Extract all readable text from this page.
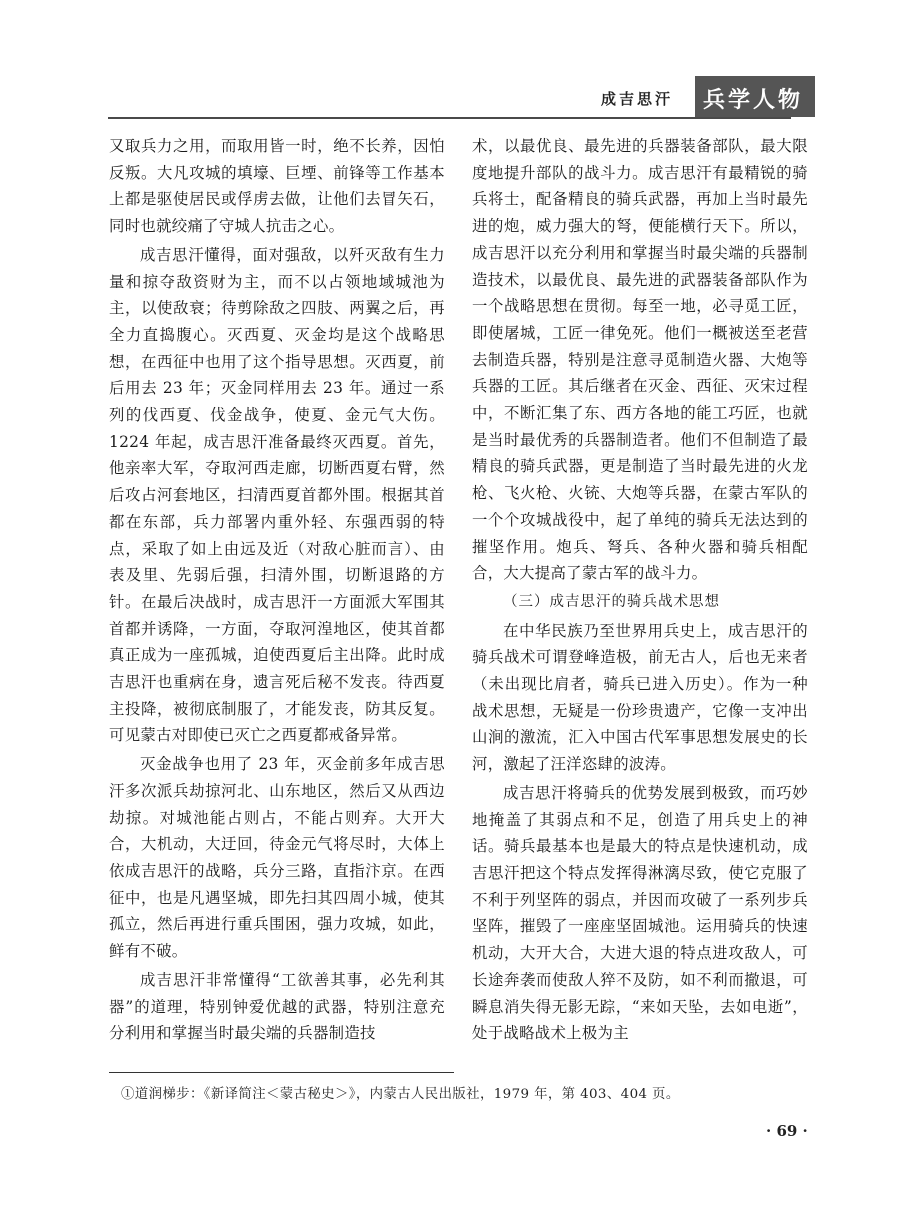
成吉思汗 兵学人物

又取兵力之用，而取用皆一时，绝不长养，因怕反叛。大凡攻城的填壕、巨堙、前锋等工作基本上都是驱使居民或俘虏去做，让他们去冒矢石，同时也就绞痛了守城人抗击之心。

成吉思汗懂得，面对强敌，以歼灭敌有生力量和掠夺敌资财为主，而不以占领地域城池为主，以使敌衰；待剪除敌之四肢、两翼之后，再全力直捣腹心。灭西夏、灭金均是这个战略思想，在西征中也用了这个指导思想。灭西夏，前后用去 23 年；灭金同样用去 23 年。通过一系列的伐西夏、伐金战争，使夏、金元气大伤。1224 年起，成吉思汗准备最终灭西夏。首先，他亲率大军，夺取河西走廊，切断西夏右臂，然后攻占河套地区，扫清西夏首都外围。根据其首都在东部，兵力部署内重外轻、东强西弱的特点，采取了如上由远及近（对敌心脏而言）、由表及里、先弱后强，扫清外围，切断退路的方针。在最后决战时，成吉思汗一方面派大军围其首都并诱降，一方面，夺取河湟地区，使其首都真正成为一座孤城，迫使西夏后主出降。此时成吉思汗也重病在身，遗言死后秘不发丧。待西夏主投降，被彻底制服了，才能发丧，防其反复。可见蒙古对即使已灭亡之西夏都戒备异常。

灭金战争也用了 23 年，灭金前多年成吉思汗多次派兵劫掠河北、山东地区，然后又从西边劫掠。对城池能占则占，不能占则弃。大开大合，大机动，大迂回，待金元气将尽时，大体上依成吉思汗的战略，兵分三路，直指汴京。在西征中，也是凡遇坚城，即先扫其四周小城，使其孤立，然后再进行重兵围困，强力攻城，如此，鲜有不破。

成吉思汗非常懂得“工欲善其事，必先利其器”的道理，特别钟爱优越的武器，特别注意充分利用和掌握当时最尖端的兵器制造技

术，以最优良、最先进的兵器装备部队，最大限度地提升部队的战斗力。成吉思汗有最精锐的骑兵将士，配备精良的骑兵武器，再加上当时最先进的炮，威力强大的弩，便能横行天下。所以，成吉思汗以充分利用和掌握当时最尖端的兵器制造技术，以最优良、最先进的武器装备部队作为一个战略思想在贯彻。每至一地，必寻觅工匠，即使屠城，工匠一律免死。他们一概被送至老营去制造兵器，特别是注意寻觅制造火器、大炮等兵器的工匠。其后继者在灭金、西征、灭宋过程中，不断汇集了东、西方各地的能工巧匠，也就是当时最优秀的兵器制造者。他们不但制造了最精良的骑兵武器，更是制造了当时最先进的火龙枪、飞火枪、火铳、大炮等兵器，在蒙古军队的一个个攻城战役中，起了单纯的骑兵无法达到的摧坚作用。炮兵、弩兵、各种火器和骑兵相配合，大大提高了蒙古军的战斗力。

（三）成吉思汗的骑兵战术思想

在中华民族乃至世界用兵史上，成吉思汗的骑兵战术可谓登峰造极，前无古人，后也无来者（未出现比肩者，骑兵已进入历史）。作为一种战术思想，无疑是一份珍贵遗产，它像一支冲出山涧的激流，汇入中国古代军事思想发展史的长河，激起了汪洋恣肆的波涛。

成吉思汗将骑兵的优势发展到极致，而巧妙地掩盖了其弱点和不足，创造了用兵史上的神话。骑兵最基本也是最大的特点是快速机动，成吉思汗把这个特点发挥得淋漓尽致，使它克服了不利于列坚阵的弱点，并因而攻破了一系列步兵坚阵，摧毁了一座座坚固城池。运用骑兵的快速机动，大开大合，大进大退的特点进攻敌人，可长途奔袭而使敌人猝不及防，如不利而撤退，可瞬息消失得无影无踪，“来如天坠，去如电逝”，处于战略战术上极为主

①道润梯步：《新译简注＜蒙古秘史＞》，内蒙古人民出版社，1979 年，第 403、404 页。
· 69 ·
